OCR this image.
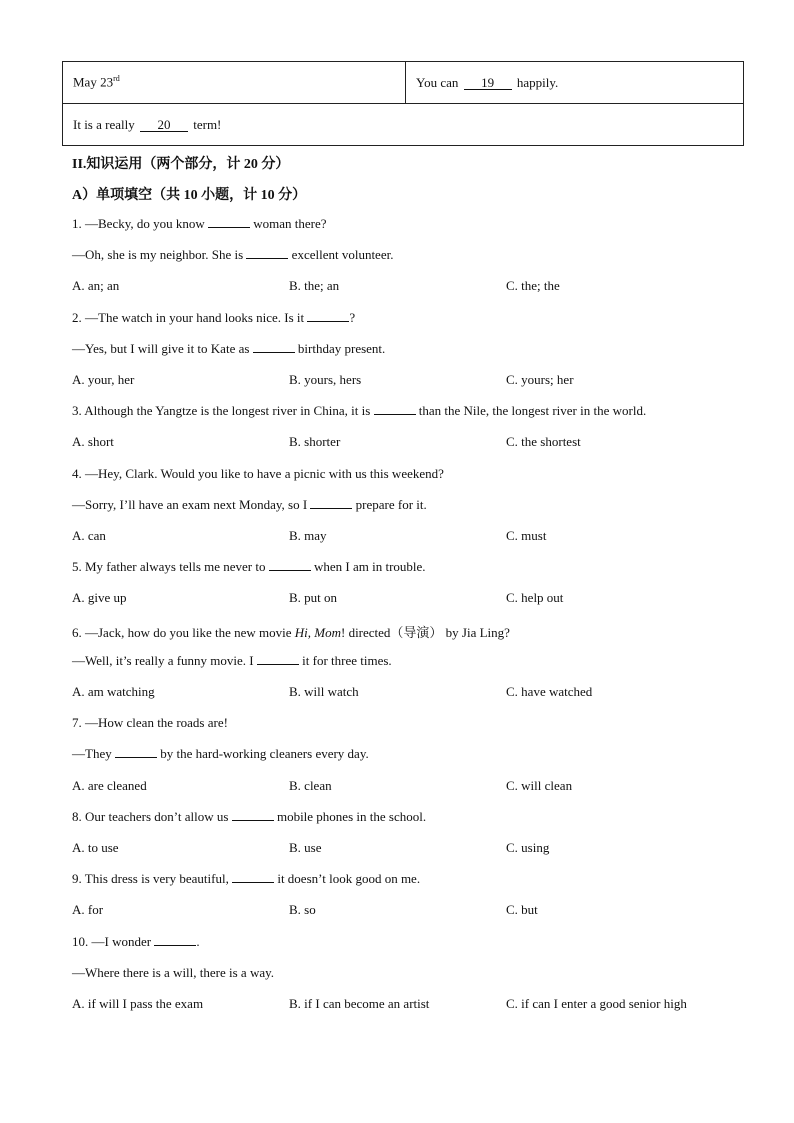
May 23rd	You can 19 happily.
It is a really 20 term!
II.知识运用（两个部分，计 20 分）
A）单项填空（共 10 小题，计 10 分）
1. —Becky, do you know	woman there?
—Oh, she is my neighbor. She is	excellent volunteer.
A. an; an	B. the; an	C. the; the
2. —The watch in your hand looks nice. Is it	?
—Yes, but I will give it to Kate as	birthday present.
A. your, her	B. yours, hers	C. yours; her
3. Although the Yangtze is the longest river in China, it is	than the Nile, the longest river in the world.
A. short	B. shorter	C. the shortest
4. —Hey, Clark. Would you like to have a picnic with us this weekend?
—Sorry, I’ll have an exam next Monday, so I	prepare for it.
A. can	B. may	C. must
5. My father always tells me never to	when I am in trouble.
A. give up	B. put on	C. help out
6. —Jack, how do you like the new movie Hi, Mom! directed（导演） by Jia Ling?
—Well, it’s really a funny movie. I	it for three times.
A. am watching	B. will watch	C. have watched
7. —How clean the roads are!
—They	by the hard-working cleaners every day.
A. are cleaned	B. clean	C. will clean
8. Our teachers don’t allow us	mobile phones in the school.
A. to use	B. use	C. using
9. This dress is very beautiful,	it doesn’t look good on me.
A. for	B. so	C. but
10. —I wonder	.
—Where there is a will, there is a way.
A. if will I pass the exam	B. if I can become an artist	C. if can I enter a good senior high
